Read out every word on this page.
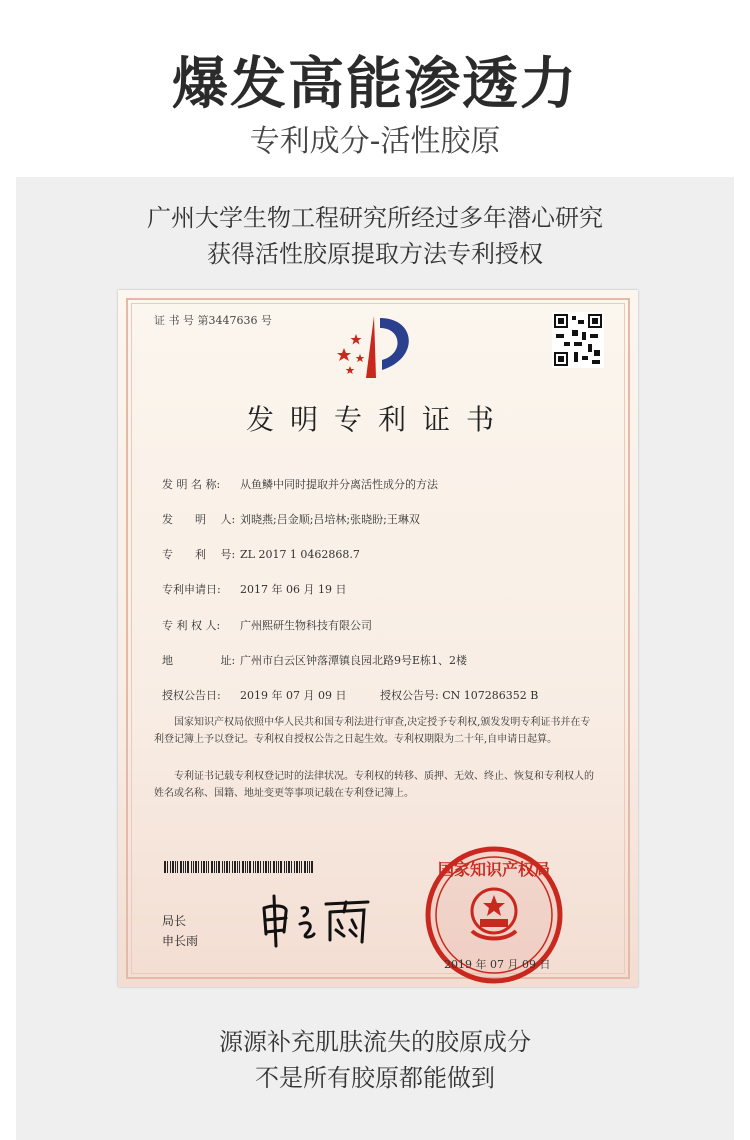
爆发高能渗透力
专利成分-活性胶原
广州大学生物工程研究所经过多年潜心研究
获得活性胶原提取方法专利授权
证 书 号 第3447636 号
发明专利证书
发 明 名 称: 从鱼鳞中同时提取并分离活性成分的方法
发　　明　 人: 刘晓燕;吕金顺;吕培林;张晓盼;王琳双
专　　利　 号: ZL 2017 1 0462868.7
专利申请日: 2017 年 06 月 19 日
专 利 权 人: 广州熙研生物科技有限公司
地　　　　 址: 广州市白云区钟落潭镇良园北路9号E栋1、2楼
授权公告日: 2019 年 07 月 09 日	授权公告号: CN 107286352 B
国家知识产权局依照中华人民共和国专利法进行审查,决定授予专利权,颁发发明专利证书并在专利登记簿上予以登记。专利权自授权公告之日起生效。专利权期限为二十年,自申请日起算。
专利证书记载专利权登记时的法律状况。专利权的转移、质押、无效、终止、恢复和专利权人的姓名或名称、国籍、地址变更等事项记载在专利登记簿上。
局长
申长雨
国家知识产权局
2019 年 07 月 09 日
源源补充肌肤流失的胶原成分
不是所有胶原都能做到
